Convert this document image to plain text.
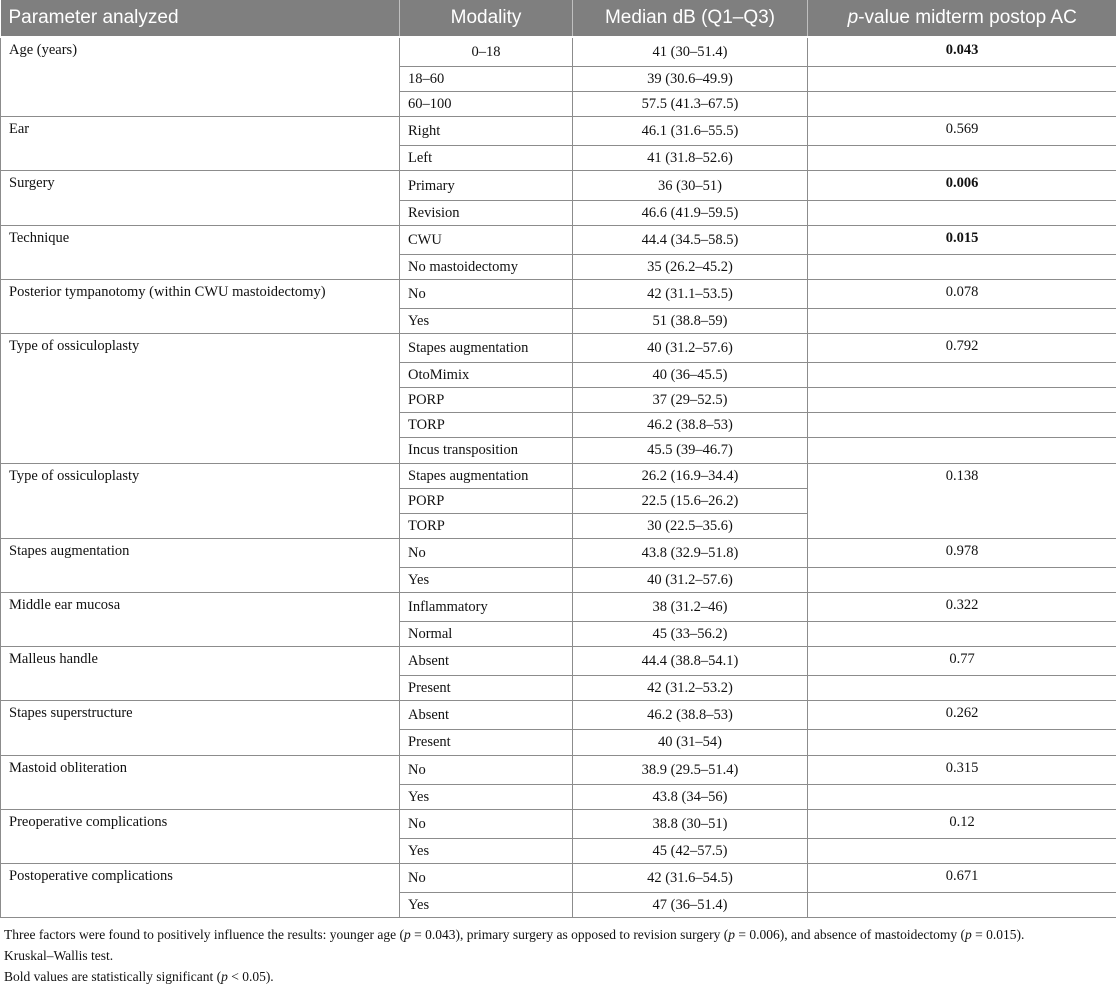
Parameter analyzed	Modality	Median dB (Q1–Q3)	p-value midterm postop AC
Age (years)	0–18	41 (30–51.4)	0.043
	18–60	39 (30.6–49.9)	
	60–100	57.5 (41.3–67.5)	
Ear	Right	46.1 (31.6–55.5)	0.569
	Left	41 (31.8–52.6)	
Surgery	Primary	36 (30–51)	0.006
	Revision	46.6 (41.9–59.5)	
Technique	CWU	44.4 (34.5–58.5)	0.015
	No mastoidectomy	35 (26.2–45.2)	
Posterior tympanotomy (within CWU mastoidectomy)	No	42 (31.1–53.5)	0.078
	Yes	51 (38.8–59)	
Type of ossiculoplasty	Stapes augmentation	40 (31.2–57.6)	0.792
	OtoMimix	40 (36–45.5)	
	PORP	37 (29–52.5)	
	TORP	46.2 (38.8–53)	
	Incus transposition	45.5 (39–46.7)	
Type of ossiculoplasty	Stapes augmentation	26.2 (16.9–34.4)	0.138
	PORP	22.5 (15.6–26.2)	
	TORP	30 (22.5–35.6)	
Stapes augmentation	No	43.8 (32.9–51.8)	0.978
	Yes	40 (31.2–57.6)	
Middle ear mucosa	Inflammatory	38 (31.2–46)	0.322
	Normal	45 (33–56.2)	
Malleus handle	Absent	44.4 (38.8–54.1)	0.77
	Present	42 (31.2–53.2)	
Stapes superstructure	Absent	46.2 (38.8–53)	0.262
	Present	40 (31–54)	
Mastoid obliteration	No	38.9 (29.5–51.4)	0.315
	Yes	43.8 (34–56)	
Preoperative complications	No	38.8 (30–51)	0.12
	Yes	45 (42–57.5)	
Postoperative complications	No	42 (31.6–54.5)	0.671
	Yes	47 (36–51.4)	
Three factors were found to positively influence the results: younger age (p = 0.043), primary surgery as opposed to revision surgery (p = 0.006), and absence of mastoidectomy (p = 0.015).
Kruskal–Wallis test.
Bold values are statistically significant (p < 0.05).
